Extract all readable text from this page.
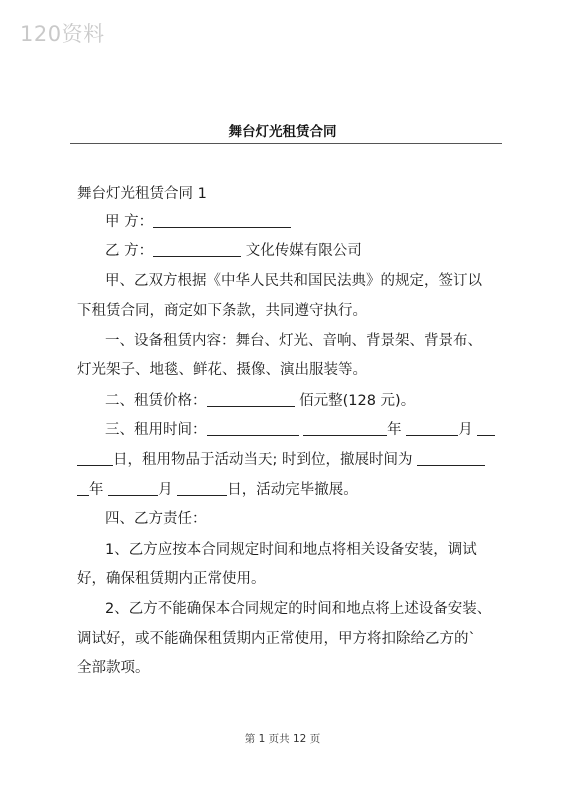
120资料
舞台灯光租赁合同
舞台灯光租赁合同 1
甲 方：
乙 方：	文化传媒有限公司
甲、乙双方根据《中华人民共和国民法典》的规定，签订以
下租赁合同，商定如下条款，共同遵守执行。
一、设备租赁内容：舞台、灯光、音响、背景架、背景布、
灯光架子、地毯、鲜花、摄像、演出服装等。
二、租赁价格：	佰元整(128 元)。
三、租用时间：	年	月
日，租用物品于活动当天; 时到位，撤展时间为
年	月	日，活动完毕撤展。
四、乙方责任：
1、乙方应按本合同规定时间和地点将相关设备安装，调试
好，确保租赁期内正常使用。
2、乙方不能确保本合同规定的时间和地点将上述设备安装、
调试好，或不能确保租赁期内正常使用，甲方将扣除给乙方的`
全部款项。
第 1 页共 12 页
